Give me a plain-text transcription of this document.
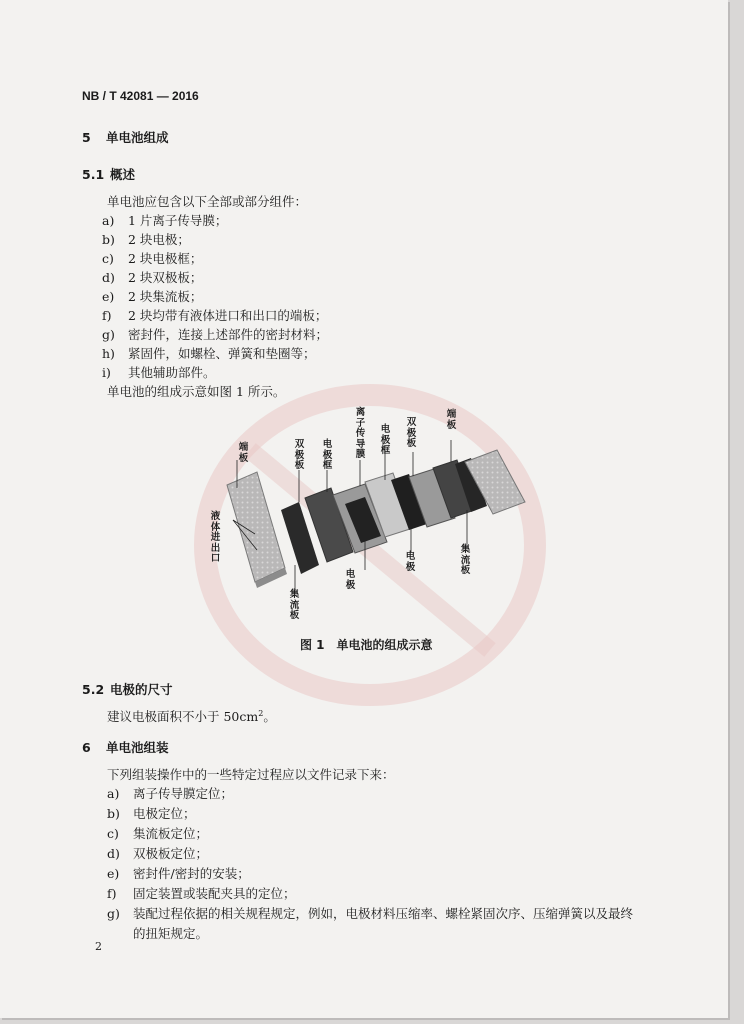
NB / T 42081 — 2016
5 单电池组成
5.1 概述
单电池应包含以下全部或部分组件：
a) 1 片离子传导膜；
b) 2 块电极；
c) 2 块电极框；
d) 2 块双极板；
e) 2 块集流板；
f) 2 块均带有液体进口和出口的端板；
g) 密封件，连接上述部件的密封材料；
h) 紧固件，如螺栓、弹簧和垫圈等；
i) 其他辅助部件。
单电池的组成示意如图 1 所示。
端板
双极板
电极框
离子传导膜
电极框
双极板
端板
液体进出口
集流板
电极
电极
集流板
图 1　单电池的组成示意
5.2 电极的尺寸
建议电极面积不小于 $50cm^2$。
6 单电池组装
下列组装操作中的一些特定过程应以文件记录下来：
a) 离子传导膜定位；
b) 电极定位；
c) 集流板定位；
d) 双极板定位；
e) 密封件/密封的安装；
f) 固定装置或装配夹具的定位；
g) 装配过程依据的相关规程规定，例如，电极材料压缩率、螺栓紧固次序、压缩弹簧以及最终
的扭矩规定。
2
